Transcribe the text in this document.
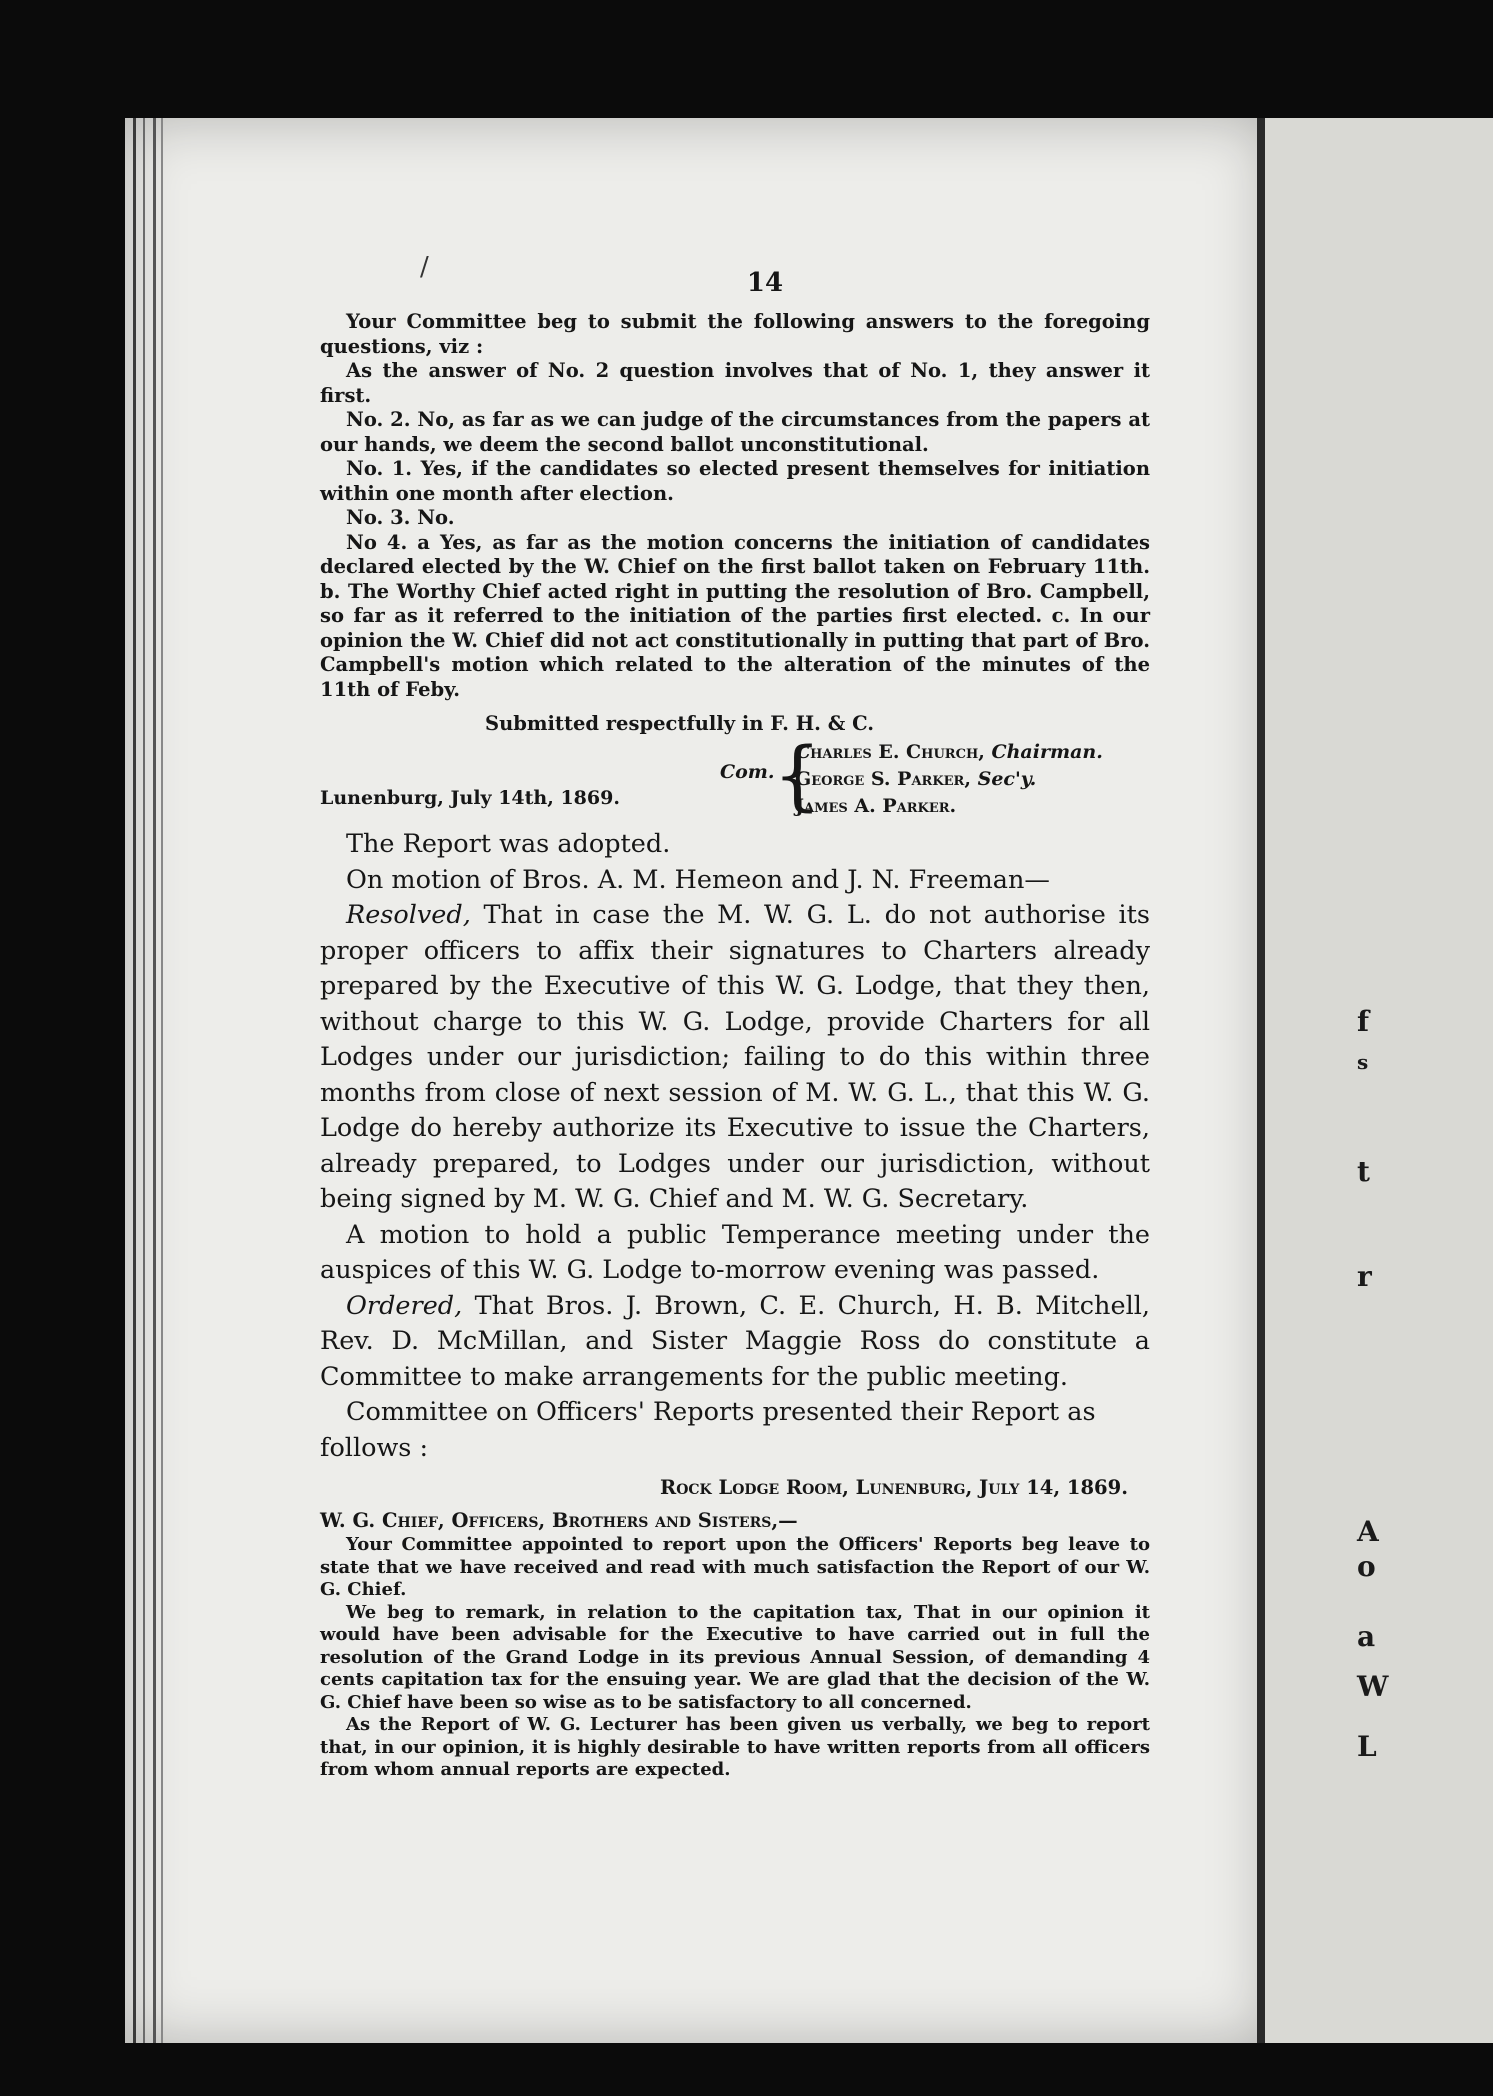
/
f
s
t
r
A
o
a
W
L
14

Your Committee beg to submit the following answers to the foregoing questions, viz :

As the answer of No. 2 question involves that of No. 1, they answer it first.

No. 2. No, as far as we can judge of the circumstances from the papers at our hands, we deem the second ballot unconstitutional.

No. 1. Yes, if the candidates so elected present themselves for initiation within one month after election.

No. 3. No.

No 4. a Yes, as far as the motion concerns the initiation of candidates declared elected by the W. Chief on the first ballot taken on February 11th. b. The Worthy Chief acted right in putting the resolution of Bro. Campbell, so far as it referred to the initiation of the parties first elected. c. In our opinion the W. Chief did not act constitutionally in putting that part of Bro. Campbell's motion which related to the alteration of the minutes of the 11th of Feby.

Submitted respectfully in F. H. & C.
Lunenburg, July 14th, 1869.
Com.
{
Charles E. Church, Chairman.
George S. Parker, Sec'y.
James A. Parker.

The Report was adopted.

On motion of Bros. A. M. Hemeon and J. N. Freeman—

Resolved, That in case the M. W. G. L. do not authorise its proper officers to affix their signatures to Charters already prepared by the Executive of this W. G. Lodge, that they then, without charge to this W. G. Lodge, provide Charters for all Lodges under our jurisdiction; failing to do this within three months from close of next session of M. W. G. L., that this W. G. Lodge do hereby authorize its Executive to issue the Charters, already prepared, to Lodges under our jurisdiction, without being signed by M. W. G. Chief and M. W. G. Secretary.

A motion to hold a public Temperance meeting under the auspices of this W. G. Lodge to-morrow evening was passed.

Ordered, That Bros. J. Brown, C. E. Church, H. B. Mitchell, Rev. D. McMillan, and Sister Maggie Ross do constitute a Committee to make arrangements for the public meeting.

Committee on Officers' Reports presented their Report as follows :

Rock Lodge Room, Lunenburg, July 14, 1869.
W. G. Chief, Officers, Brothers and Sisters,—

Your Committee appointed to report upon the Officers' Reports beg leave to state that we have received and read with much satisfaction the Report of our W. G. Chief.

We beg to remark, in relation to the capitation tax, That in our opinion it would have been advisable for the Executive to have carried out in full the resolution of the Grand Lodge in its previous Annual Session, of demanding 4 cents capitation tax for the ensuing year. We are glad that the decision of the W. G. Chief have been so wise as to be satisfactory to all concerned.

As the Report of W. G. Lecturer has been given us verbally, we beg to report that, in our opinion, it is highly desirable to have written reports from all officers from whom annual reports are expected.
